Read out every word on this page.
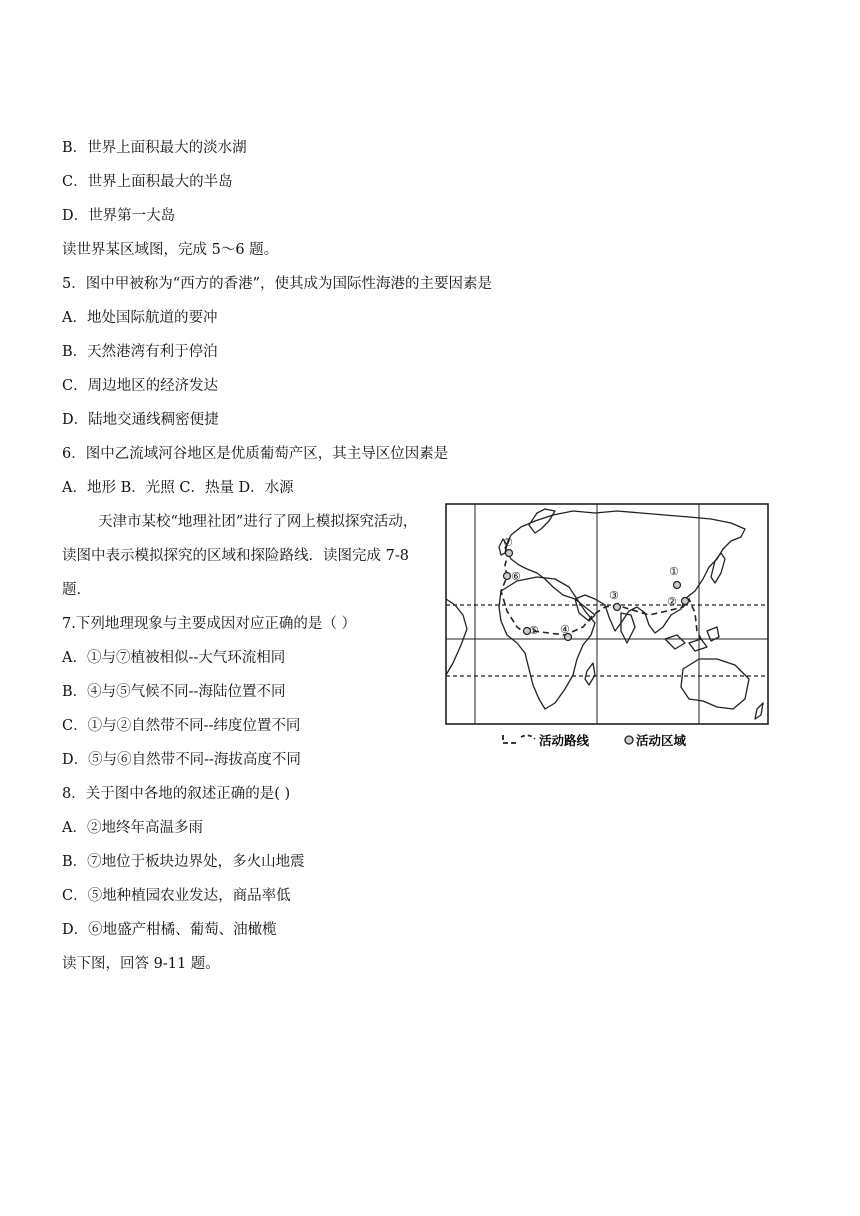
B．世界上面积最大的淡水湖
C．世界上面积最大的半岛
D．世界第一大岛
读世界某区域图，完成 5～6 题。
5．图中甲被称为“西方的香港”，使其成为国际性海港的主要因素是
A．地处国际航道的要冲
B．天然港湾有利于停泊
C．周边地区的经济发达
D．陆地交通线稠密便捷
6．图中乙流域河谷地区是优质葡萄产区，其主导区位因素是
A．地形 B．光照 C．热量 D．水源
天津市某校“地理社团”进行了网上模拟探究活动，
读图中表示模拟探究的区域和探险路线．读图完成 7-8
题．
7.下列地理现象与主要成因对应正确的是（ ）
A．①与⑦植被相似--大气环流相同
B．④与⑤气候不同--海陆位置不同
C．①与②自然带不同--纬度位置不同
D．⑤与⑥自然带不同--海拔高度不同
8．关于图中各地的叙述正确的是( )
A．②地终年高温多雨
B．⑦地位于板块边界处，多火山地震
C．⑤地种植园农业发达，商品率低
D．⑥地盛产柑橘、葡萄、油橄榄
读下图，回答 9-11 题。
①
②
③
④
⑤
⑥
⑦
活动路线	活动区域
